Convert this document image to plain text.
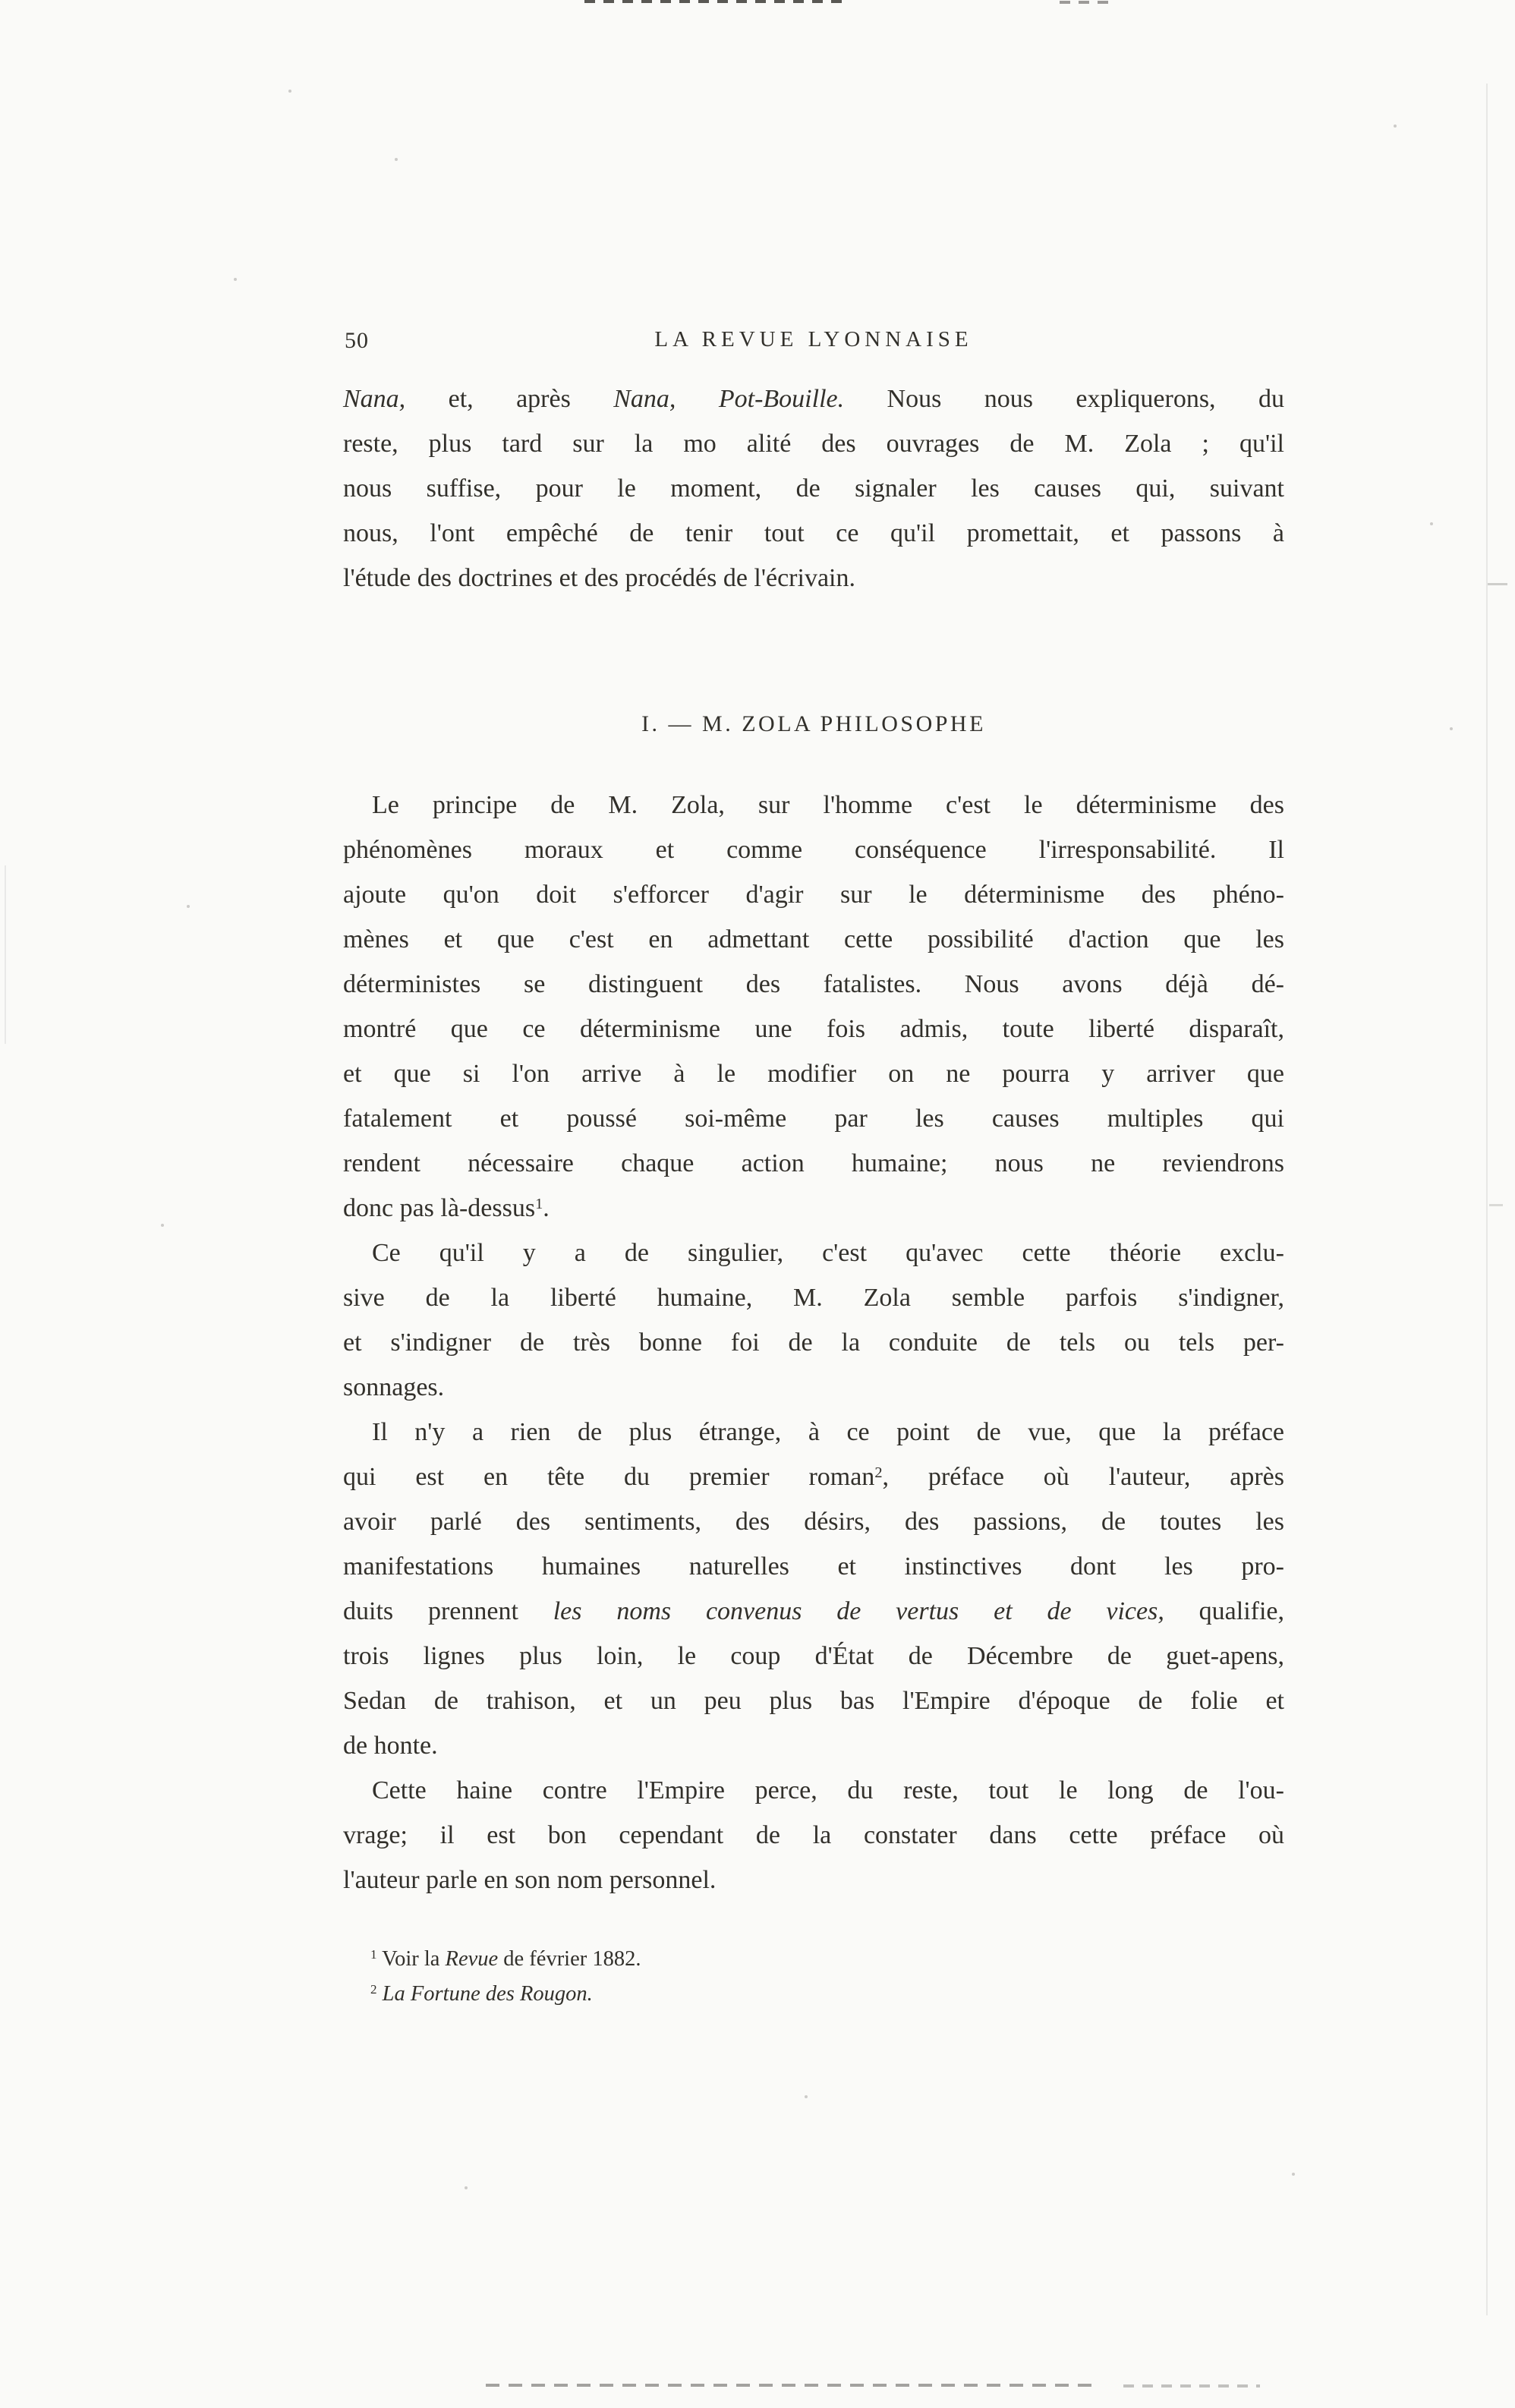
50	LA REVUE LYONNAISE
Nana, et, après Nana, Pot-Bouille. Nous nous expliquerons, du
reste, plus tard sur la mo alité des ouvrages de M. Zola ; qu'il
nous suffise, pour le moment, de signaler les causes qui, suivant
nous, l'ont empêché de tenir tout ce qu'il promettait, et passons à
l'étude des doctrines et des procédés de l'écrivain.
I. — M. ZOLA PHILOSOPHE
Le principe de M. Zola, sur l'homme c'est le déterminisme des
phénomènes moraux et comme conséquence l'irresponsabilité. Il
ajoute qu'on doit s'efforcer d'agir sur le déterminisme des phéno-
mènes et que c'est en admettant cette possibilité d'action que les
déterministes se distinguent des fatalistes. Nous avons déjà dé-
montré que ce déterminisme une fois admis, toute liberté disparaît,
et que si l'on arrive à le modifier on ne pourra y arriver que
fatalement et poussé soi-même par les causes multiples qui
rendent nécessaire chaque action humaine; nous ne reviendrons
donc pas là-dessus$^1$.
Ce qu'il y a de singulier, c'est qu'avec cette théorie exclu-
sive de la liberté humaine, M. Zola semble parfois s'indigner,
et s'indigner de très bonne foi de la conduite de tels ou tels per-
sonnages.
Il n'y a rien de plus étrange, à ce point de vue, que la préface
qui est en tête du premier roman$^2$, préface où l'auteur, après
avoir parlé des sentiments, des désirs, des passions, de toutes les
manifestations humaines naturelles et instinctives dont les pro-
duits prennent les noms convenus de vertus et de vices, qualifie,
trois lignes plus loin, le coup d'État de Décembre de guet-apens,
Sedan de trahison, et un peu plus bas l'Empire d'époque de folie et
de honte.
Cette haine contre l'Empire perce, du reste, tout le long de l'ou-
vrage; il est bon cependant de la constater dans cette préface où
l'auteur parle en son nom personnel.
$^1$ Voir la Revue de février 1882.
$^2$ La Fortune des Rougon.
